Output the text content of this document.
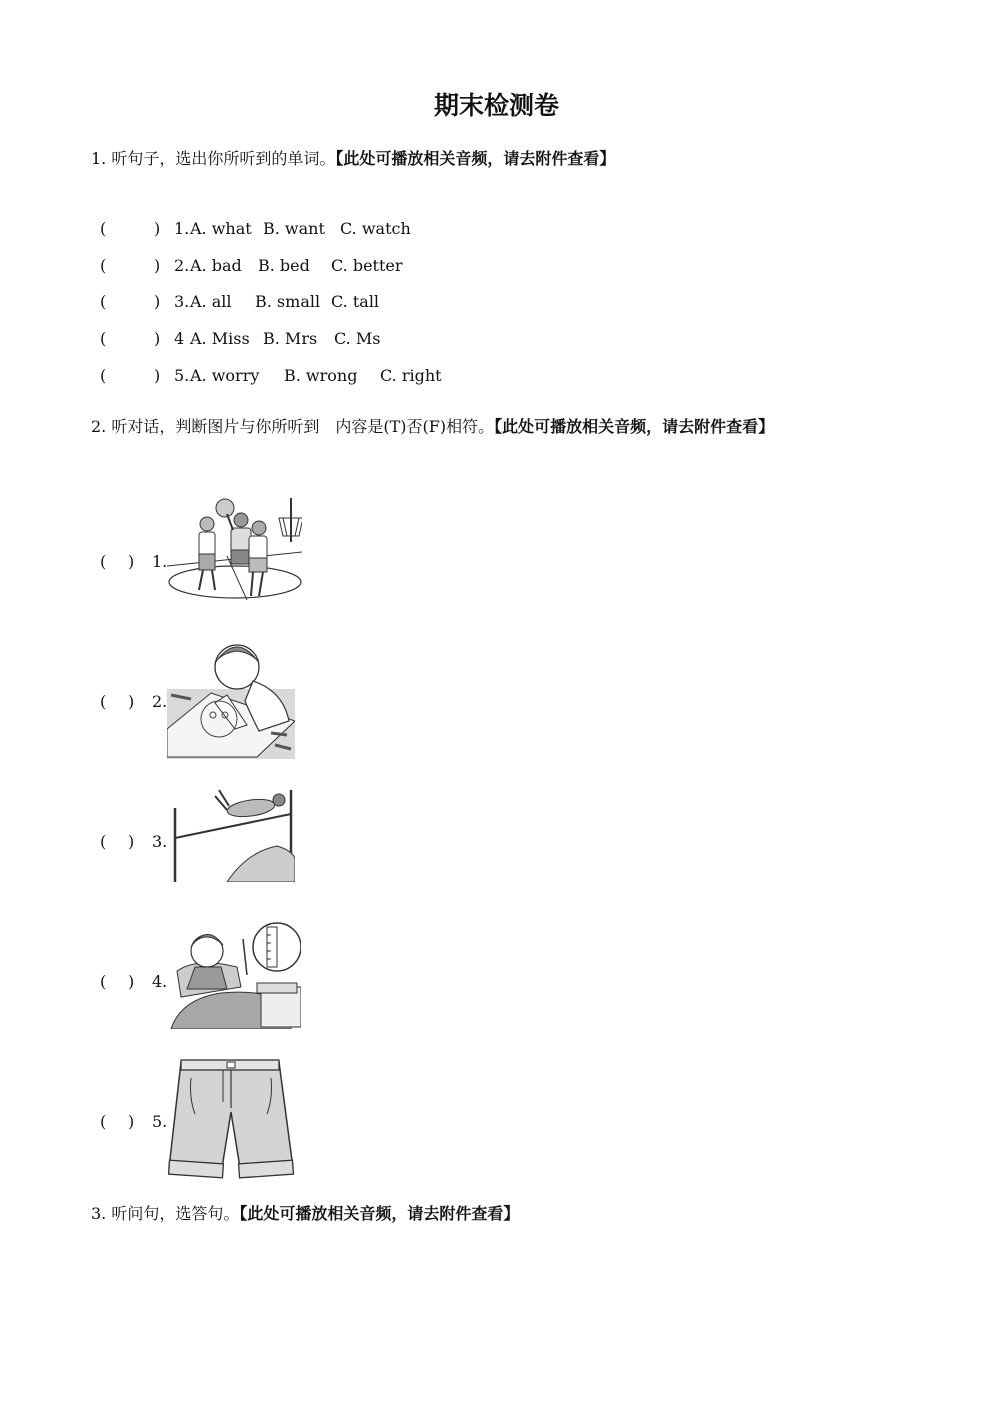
期末检测卷
1. 听句子，选出你所听到的单词。【此处可播放相关音频，请去附件查看】
(	) 1. A. what B. want C. watch
(	) 2. A. bad B. bed C. better
(	) 3. A. all B. small C. tall
(	) 4 A. Miss B. Mrs C. Ms
(	) 5. A. worry B. wrong C. right
2. 听对话，判断图片与你所听到　内容是(T)否(F)相符。【此处可播放相关音频，请去附件查看】
( ) 1.
( ) 2.
( ) 3.
( ) 4.
( ) 5.
3. 听问句，选答句。【此处可播放相关音频，请去附件查看】
